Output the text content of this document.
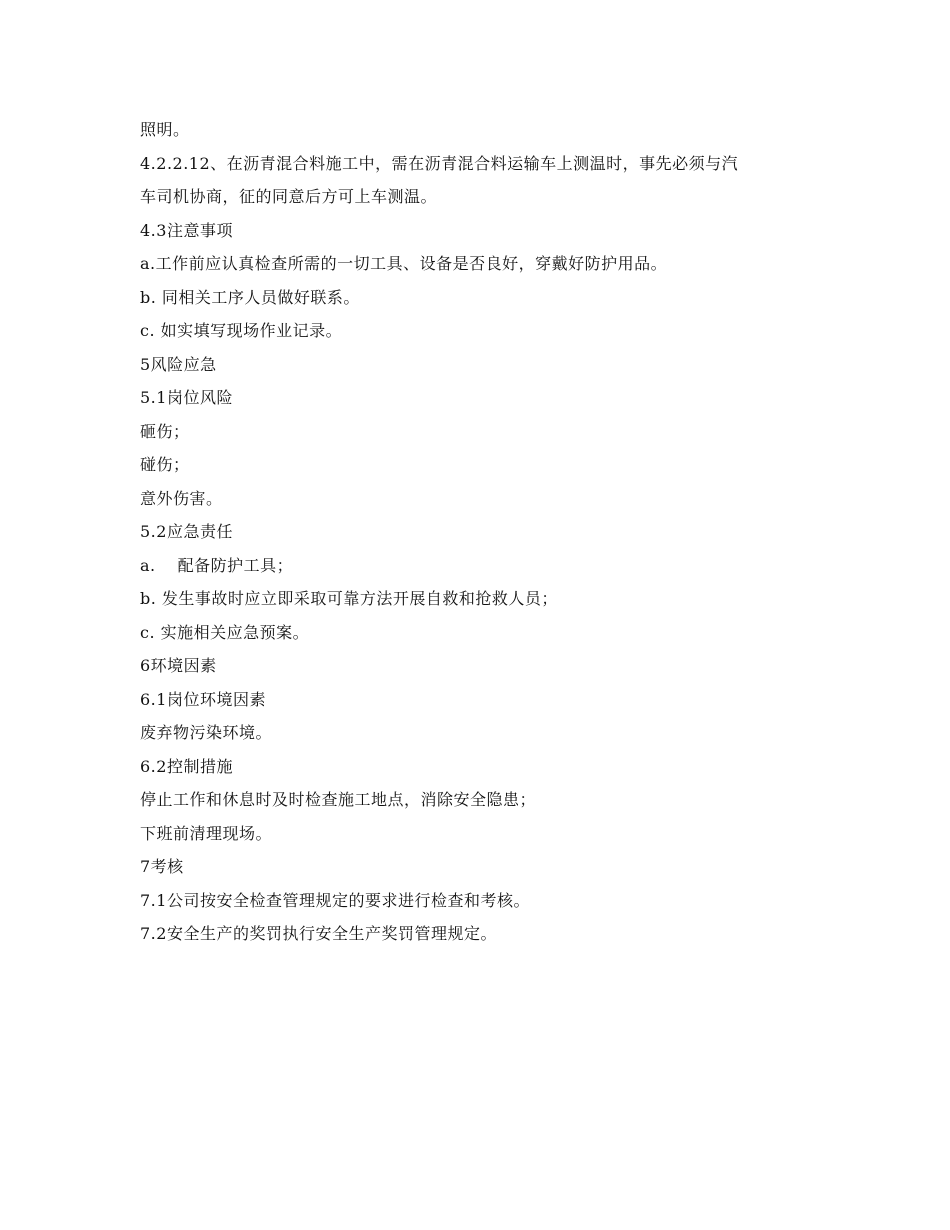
照明。
4.2.2.12、在沥青混合料施工中，需在沥青混合料运输车上测温时，事先必须与汽
车司机协商，征的同意后方可上车测温。
4.3注意事项
a.工作前应认真检查所需的一切工具、设备是否良好，穿戴好防护用品。
b. 同相关工序人员做好联系。
c. 如实填写现场作业记录。
5风险应急
5.1岗位风险
砸伤；
碰伤；
意外伤害。
5.2应急责任
a. 配备防护工具；
b. 发生事故时应立即采取可靠方法开展自救和抢救人员；
c. 实施相关应急预案。
6环境因素
6.1岗位环境因素
废弃物污染环境。
6.2控制措施
停止工作和休息时及时检查施工地点，消除安全隐患；
下班前清理现场。
7考核
7.1公司按安全检查管理规定的要求进行检查和考核。
7.2安全生产的奖罚执行安全生产奖罚管理规定。
